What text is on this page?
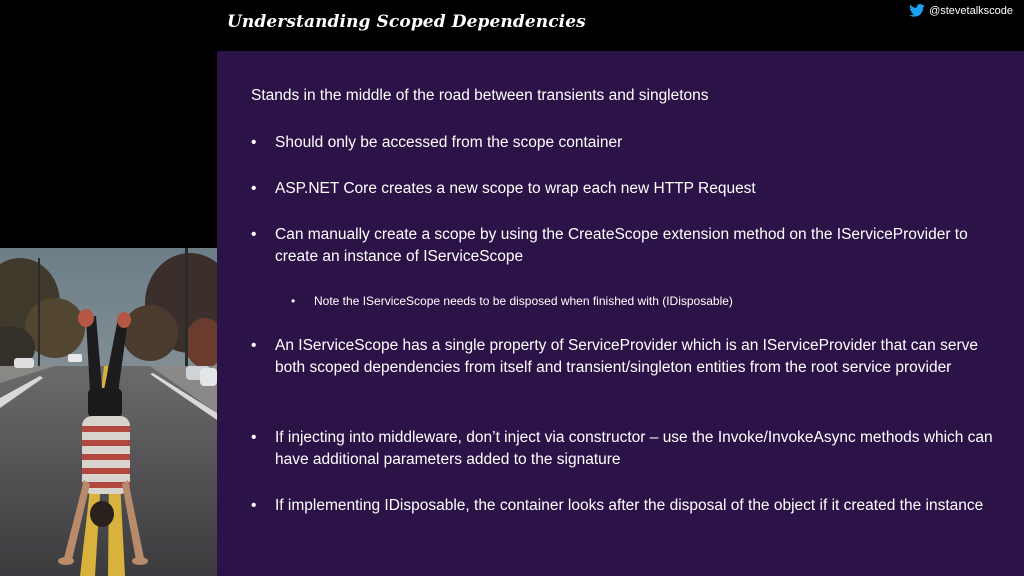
Understanding Scoped Dependencies
@stevetalkscode
Stands in the middle of the road between transients and singletons
•	Should only be accessed from the scope container
•	ASP.NET Core creates a new scope to wrap each new HTTP Request
•	Can manually create a scope by using the CreateScope extension method on the IServiceProvider to create an instance of IServiceScope
•	Note the IServiceScope needs to be disposed when finished with (IDisposable)
•	An IServiceScope has a single property of ServiceProvider which is an IServiceProvider that can serve both scoped dependencies from itself and transient/singleton entities from the root service provider
•	If injecting into middleware, don’t inject via constructor – use the Invoke/InvokeAsync methods which can have additional parameters added to the signature
•	If implementing IDisposable, the container looks after the disposal of the object if it created the instance
